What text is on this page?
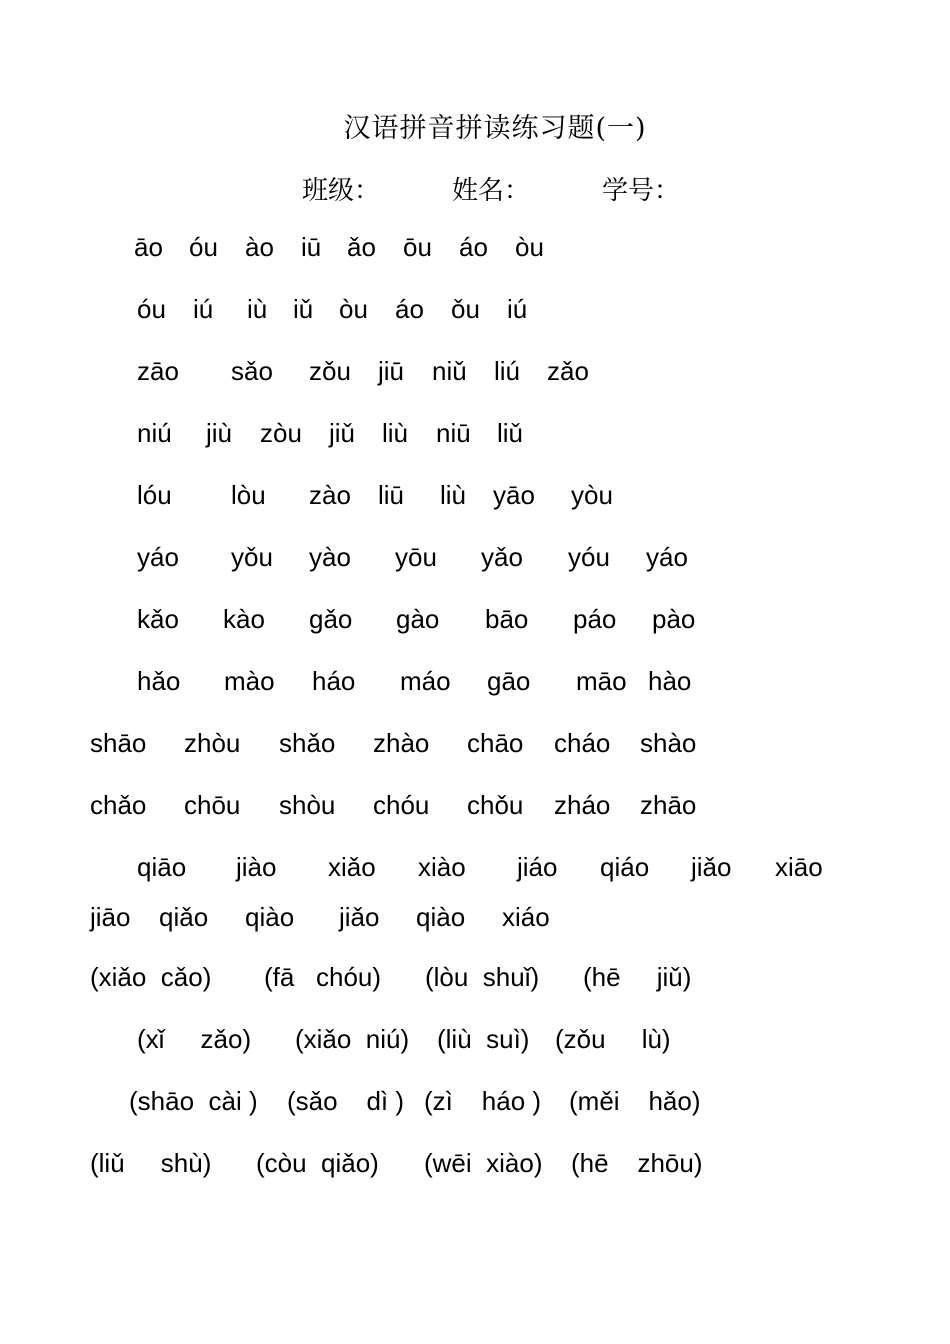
汉语拼音拼读练习题(一)
班级：	姓名：	学号：
āo óu ào iū ǎo ōu áo òu
óu iú iù iǔ òu áo ǒu iú
zāo sǎo zǒu jiū niǔ liú zǎo
niú jiù zòu jiǔ liù niū liǔ
lóu lòu zào liū liù yāo yòu
yáo yǒu yào yōu yǎo yóu yáo
kǎo kào gǎo gào bāo páo pào
hǎo mào háo máo gāo māo hào
shāo zhòu shǎo zhào chāo cháo shào
chǎo chōu shòu chóu chǒu zháo zhāo
qiāo jiào xiǎo xiào jiáo qiáo jiǎo xiāo
jiāo qiǎo qiào jiǎo qiào xiáo

(xiǎo  cǎo)

(fā   chóu)

(lòu  shuǐ)

(hē     jiǔ)

(xǐ     zǎo) (xiǎo  niú) (liù  suì) (zǒu     lù)
(shāo  cài ) (sǎo    dì ) (zì    háo ) (měi    hǎo)
(liǔ     shù) (còu  qiǎo) (wēi  xiào) (hē    zhōu)
